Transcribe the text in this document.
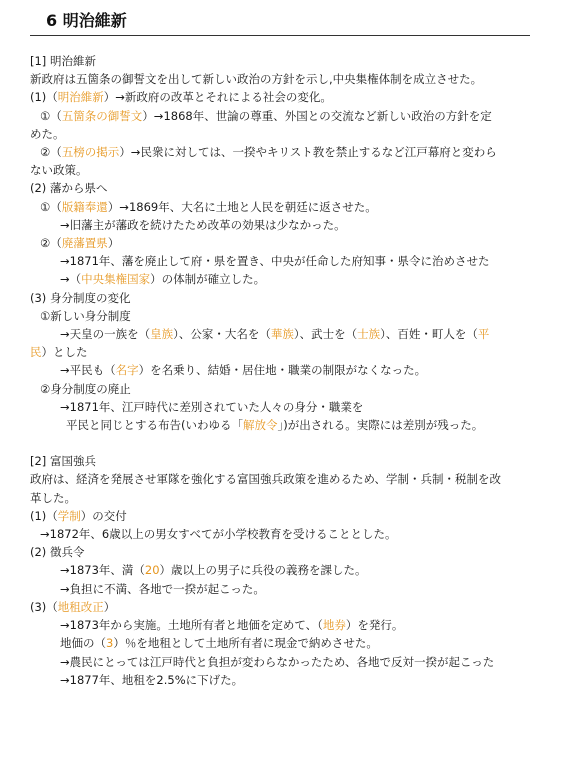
6 明治維新
[1] 明治維新
新政府は五箇条の御誓文を出して新しい政治の方針を示し,中央集権体制を成立させた。
(1)（明治維新）→新政府の改革とそれによる社会の変化。
①（五箇条の御誓文）→1868年、世論の尊重、外国との交流など新しい政治の方針を定
めた。
②（五榜の掲示）→民衆に対しては、一揆やキリスト教を禁止するなど江戸幕府と変わら
ない政策。
(2) 藩から県へ
①（版籍奉還）→1869年、大名に土地と人民を朝廷に返させた。
→旧藩主が藩政を続けたため改革の効果は少なかった。
②（廃藩置県）
→1871年、藩を廃止して府・県を置き、中央が任命した府知事・県令に治めさせた
→（中央集権国家）の体制が確立した。
(3) 身分制度の変化
①新しい身分制度
→天皇の一族を（皇族）、公家・大名を（華族）、武士を（士族）、百姓・町人を（平
民）とした
→平民も（名字）を名乗り、結婚・居住地・職業の制限がなくなった。
②身分制度の廃止
→1871年、江戸時代に差別されていた人々の身分・職業を
平民と同じとする布告(いわゆる「解放令」)が出される。実際には差別が残った。
[2] 富国強兵
政府は、経済を発展させ軍隊を強化する富国強兵政策を進めるため、学制・兵制・税制を改
革した。
(1)（学制）の交付
→1872年、6歳以上の男女すべてが小学校教育を受けることとした。
(2) 徴兵令
→1873年、満（20）歳以上の男子に兵役の義務を課した。
→負担に不満、各地で一揆が起こった。
(3)（地租改正）
→1873年から実施。土地所有者と地価を定めて、（地券）を発行。
地価の（3）％を地租として土地所有者に現金で納めさせた。
→農民にとっては江戸時代と負担が変わらなかったため、各地で反対一揆が起こった
→1877年、地租を2.5%に下げた。
